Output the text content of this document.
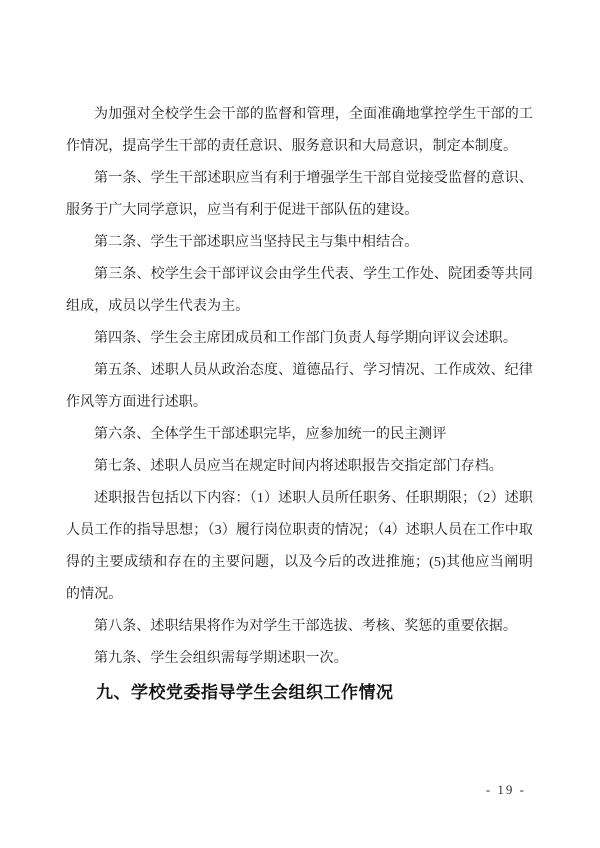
为加强对全校学生会干部的监督和管理，全面准确地掌控学生干部的工作情况，提高学生干部的责任意识、服务意识和大局意识，制定本制度。

第一条、学生干部述职应当有利于增强学生干部自觉接受监督的意识、服务于广大同学意识，应当有利于促进干部队伍的建设。

第二条、学生干部述职应当坚持民主与集中相结合。

第三条、校学生会干部评议会由学生代表、学生工作处、院团委等共同组成，成员以学生代表为主。

第四条、学生会主席团成员和工作部门负责人每学期向评议会述职。

第五条、述职人员从政治态度、道德品行、学习情况、工作成效、纪律作风等方面进行述职。

第六条、全体学生干部述职完毕，应参加统一的民主测评

第七条、述职人员应当在规定时间内将述职报告交指定部门存档。

述职报告包括以下内容：（1）述职人员所任职务、任职期限；（2）述职人员工作的指导思想；（3）履行岗位职责的情况；（4）述职人员在工作中取得的主要成绩和存在的主要问题，以及今后的改进推施；(5)其他应当阐明的情况。

第八条、述职结果将作为对学生干部选拔、考核、奖惩的重要依据。

第九条、学生会组织需每学期述职一次。

九、学校党委指导学生会组织工作情况
- 19 -
